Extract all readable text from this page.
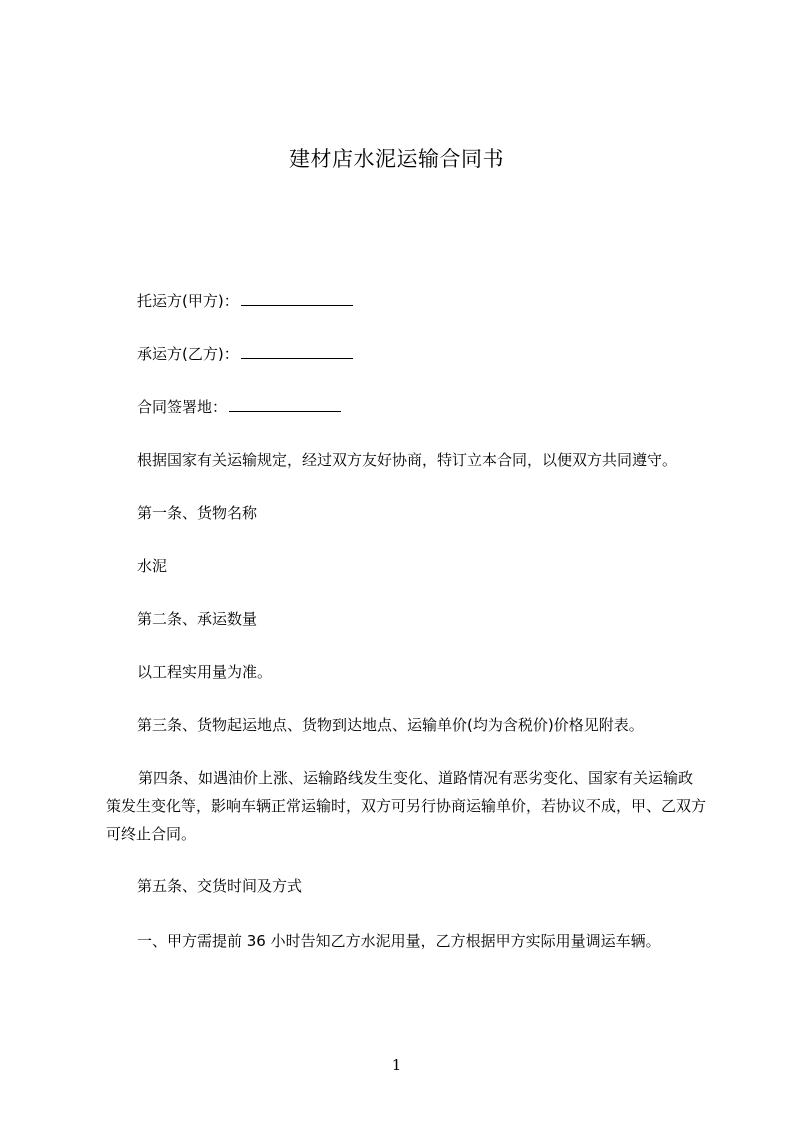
建材店水泥运输合同书
托运方(甲方)：
承运方(乙方)：
合同签署地：
根据国家有关运输规定，经过双方友好协商，特订立本合同，以便双方共同遵守。
第一条、货物名称
水泥
第二条、承运数量
以工程实用量为准。
第三条、货物起运地点、货物到达地点、运输单价(均为含税价)价格见附表。
第四条、如遇油价上涨、运输路线发生变化、道路情况有恶劣变化、国家有关运输政策发生变化等，影响车辆正常运输时，双方可另行协商运输单价，若协议不成，甲、乙双方可终止合同。
第五条、交货时间及方式
一、甲方需提前 36 小时告知乙方水泥用量，乙方根据甲方实际用量调运车辆。
1
